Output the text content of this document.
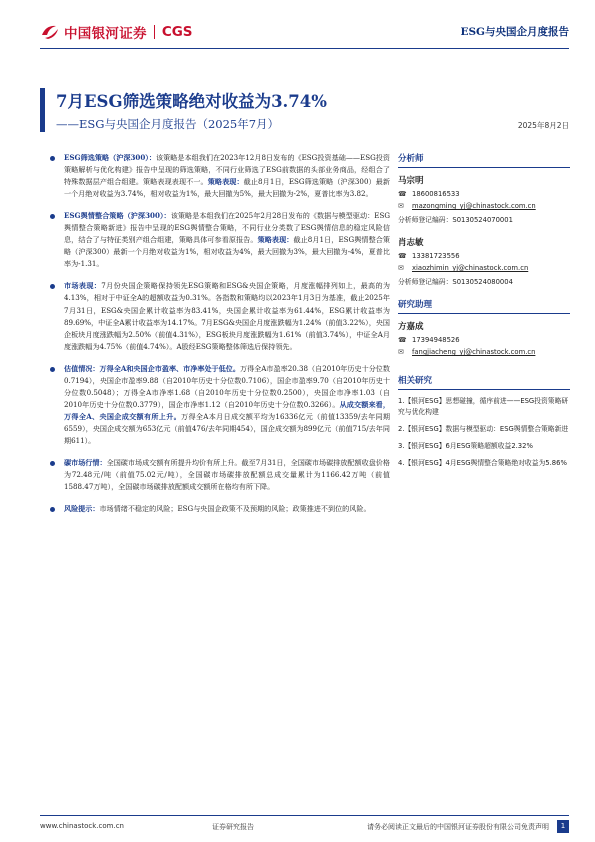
中国银河证券 CGS	ESG与央国企月度报告
7月ESG筛选策略绝对收益为3.74%
——ESG与央国企月度报告（2025年7月）	2025年8月2日
ESG筛选策略（沪深300）：该策略是本组我们在2023年12月8日发布的《ESG投资基础——ESG投资策略解析与优化构建》报告中呈现的筛选策略，不同行业筛选了ESG前数据的头部业务商品，经组合了特殊数据层产组合组建。策略表现表现不一。策略表现：截止8月1日，ESG筛选策略（沪深300）最新一个月绝对收益为3.74%，相对收益为1%，最大回撤为5%，最大回撤为-2%，夏普比率为3.82。
ESG舆情整合策略（沪深300）：该策略是本组我们在2025年2月28日发布的《数据与模型驱动：ESG舆情整合策略新进》报告中呈现的ESG舆情整合策略，不同行业分类数了ESG舆情信息的稳定风险信息，结合了与特征类别产组合组建，策略具体可参看原报告。策略表现：截止8月1日，ESG舆情整合策略（沪深300）最新一个月绝对收益为1%，相对收益为4%，最大回撤为3%，最大回撤为-4%，夏普比率为-1.31。
市场表现：7月份央国企策略保持领先ESG策略和ESG&央国企策略，月度涨幅排列如上，最高的为4.13%，相对于中证全A的超额收益为0.31%。各指数和策略均以2023年1月3日为基准，截止2025年7月31日，ESG&央国企累计收益率为83.41%，央国企累计收益率为61.44%，ESG累计收益率为89.69%，中证全A累计收益率为14.17%。7月ESG&央国企月度涨跌幅为1.24%（前值3.22%），央国企板块月度涨跌幅为2.50%（前值4.31%），ESG板块月度涨跌幅为1.61%（前值3.74%），中证全A月度涨跌幅为4.75%（前值4.74%）。A股经ESG策略整体筛选后保持领先。
估值情况：万得全A和央国企市盈率、市净率处于低位。万得全A市盈率20.38（自2010年历史十分位数0.7194），央国企市盈率9.88（自2010年历史十分位数0.7106），国企市盈率9.70（自2010年历史十分位数0.5048）；万得全A市净率1.68（自2010年历史十分位数0.2500），央国企市净率1.03（自2010年历史十分位数0.3779），国企市净率1.12（自2010年历史十分位数0.3266）。从成交额来看，万得全A、央国企成交额有所上升。万得全A本月日成交额平均为16336亿元（前值13359/去年同期6559），央国企成交额为653亿元（前值476/去年同期454），国企成交额为899亿元（前值715/去年同期611）。
碳市场行情：全国碳市场成交额有所提升均价有所上升。截至7月31日，全国碳市场碳排放配额收盘价格为72.48元/吨（前值75.02元/吨），全国碳市场碳排放配额总成交量累计为1166.42万吨（前值1588.47万吨），全国碳市场碳排放配额成交额所在格均有所下降。
风险提示：市场情绪不稳定的风险；ESG与央国企政策不及预期的风险；政策推进不到位的风险。
分析师
马宗明
☎ 18600816533
✉	mazongming_yj@chinastock.com.cn
分析师登记编码：S0130524070001
肖志敏
☎ 13381723556
✉	xiaozhimin_yj@chinastock.com.cn
分析师登记编码：S0130524080004
研究助理
方嘉成
☎ 17394948526
✉	fangjiacheng_yj@chinastock.com.cn
相关研究
1.【银河ESG】思想碰撞，循序前进——ESG投资策略研究与优化构建
2.【银河ESG】数据与模型驱动：ESG舆情整合策略新进
3.【银河ESG】6月ESG策略超额收益2.32%
4.【银河ESG】4月ESG舆情整合策略绝对收益为5.86%
www.chinastock.com.cn	证券研究报告	请务必阅读正文最后的中国银河证券股份有限公司免责声明	1
